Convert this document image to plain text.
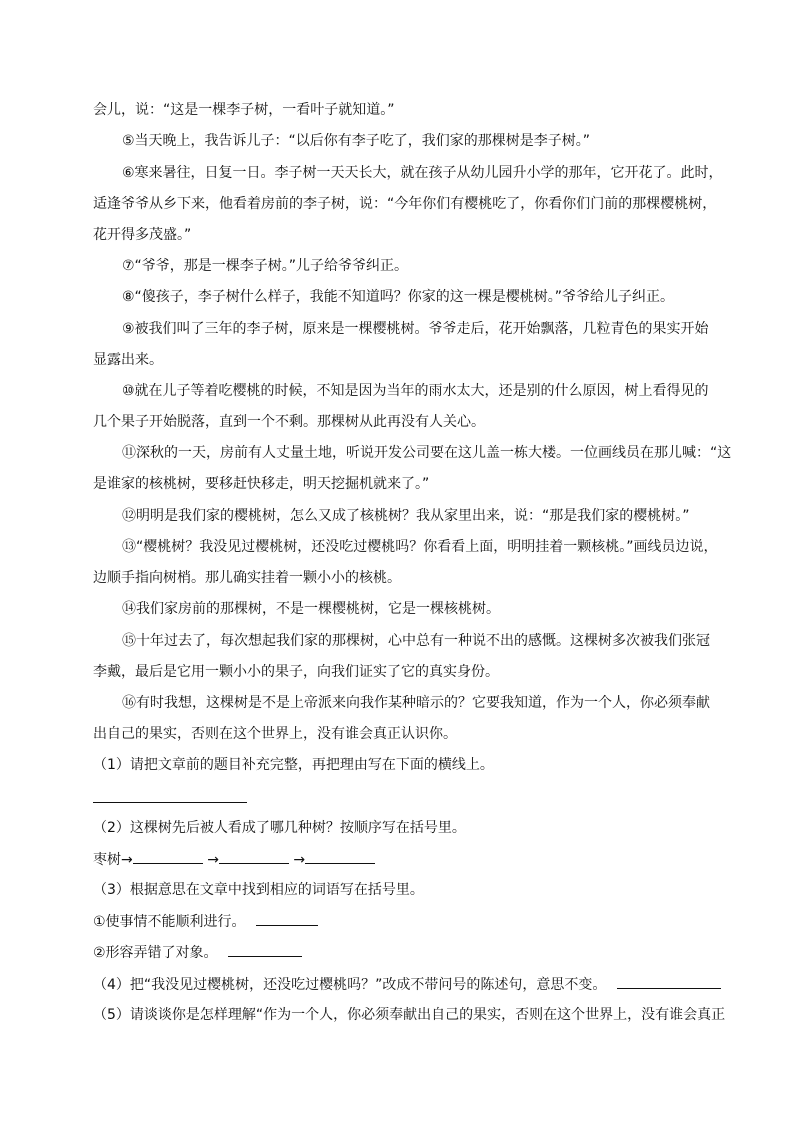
会儿，说：“这是一棵李子树，一看叶子就知道。”
⑤当天晚上，我告诉儿子：“以后你有李子吃了，我们家的那棵树是李子树。”
⑥寒来暑往，日复一日。李子树一天天长大，就在孩子从幼儿园升小学的那年，它开花了。此时，
适逢爷爷从乡下来，他看着房前的李子树，说：“今年你们有樱桃吃了，你看你们门前的那棵樱桃树，
花开得多茂盛。”
⑦“爷爷，那是一棵李子树。”儿子给爷爷纠正。
⑧“傻孩子，李子树什么样子，我能不知道吗？你家的这一棵是樱桃树。”爷爷给儿子纠正。
⑨被我们叫了三年的李子树，原来是一棵樱桃树。爷爷走后，花开始飘落，几粒青色的果实开始
显露出来。
⑩就在儿子等着吃樱桃的时候，不知是因为当年的雨水太大，还是别的什么原因，树上看得见的
几个果子开始脱落，直到一个不剩。那棵树从此再没有人关心。
⑪深秋的一天，房前有人丈量土地，听说开发公司要在这儿盖一栋大楼。一位画线员在那儿喊：“这
是谁家的核桃树，要移赶快移走，明天挖掘机就来了。”
⑫明明是我们家的樱桃树，怎么又成了核桃树？我从家里出来，说：“那是我们家的樱桃树。”
⑬“樱桃树？我没见过樱桃树，还没吃过樱桃吗？你看看上面，明明挂着一颗核桃。”画线员边说，
边顺手指向树梢。那儿确实挂着一颗小小的核桃。
⑭我们家房前的那棵树，不是一棵樱桃树，它是一棵核桃树。
⑮十年过去了，每次想起我们家的那棵树，心中总有一种说不出的感慨。这棵树多次被我们张冠
李戴，最后是它用一颗小小的果子，向我们证实了它的真实身份。
⑯有时我想，这棵树是不是上帝派来向我作某种暗示的？它要我知道，作为一个人，你必须奉献
出自己的果实，否则在这个世界上，没有谁会真正认识你。
（1）请把文章前的题目补充完整，再把理由写在下面的横线上。
（2）这棵树先后被人看成了哪几种树？按顺序写在括号里。
枣树→	→	→
（3）根据意思在文章中找到相应的词语写在括号里。
①使事情不能顺利进行。
②形容弄错了对象。
（4）把“我没见过樱桃树，还没吃过樱桃吗？”改成不带问号的陈述句，意思不变。
（5）请谈谈你是怎样理解“作为一个人，你必须奉献出自己的果实，否则在这个世界上，没有谁会真正
